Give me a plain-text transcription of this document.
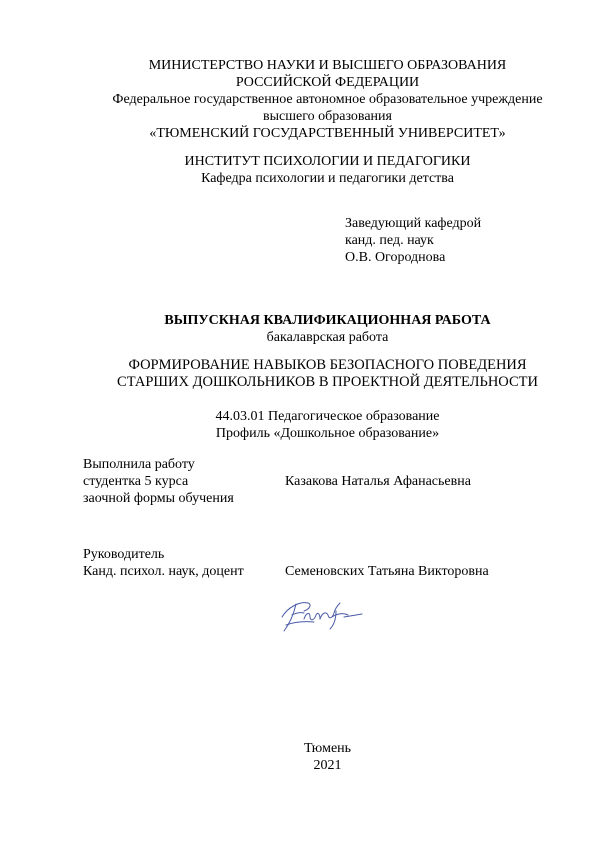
МИНИСТЕРСТВО НАУКИ И ВЫСШЕГО ОБРАЗОВАНИЯ
РОССИЙСКОЙ ФЕДЕРАЦИИ
Федеральное государственное автономное образовательное учреждение
высшего образования
«ТЮМЕНСКИЙ ГОСУДАРСТВЕННЫЙ УНИВЕРСИТЕТ»
ИНСТИТУТ ПСИХОЛОГИИ И ПЕДАГОГИКИ
Кафедра психологии и педагогики детства
Заведующий кафедрой
канд. пед. наук
О.В. Огороднова
ВЫПУСКНАЯ КВАЛИФИКАЦИОННАЯ РАБОТА
бакалаврская работа
ФОРМИРОВАНИЕ НАВЫКОВ БЕЗОПАСНОГО ПОВЕДЕНИЯ
СТАРШИХ ДОШКОЛЬНИКОВ В ПРОЕКТНОЙ ДЕЯТЕЛЬНОСТИ
44.03.01 Педагогическое образование
Профиль «Дошкольное образование»
Выполнила работу
студентка 5 курса
заочной формы обучения
Казакова Наталья Афанасьевна
Руководитель
Канд. психол. наук, доцент	Семеновских Татьяна Викторовна
Тюмень
2021
